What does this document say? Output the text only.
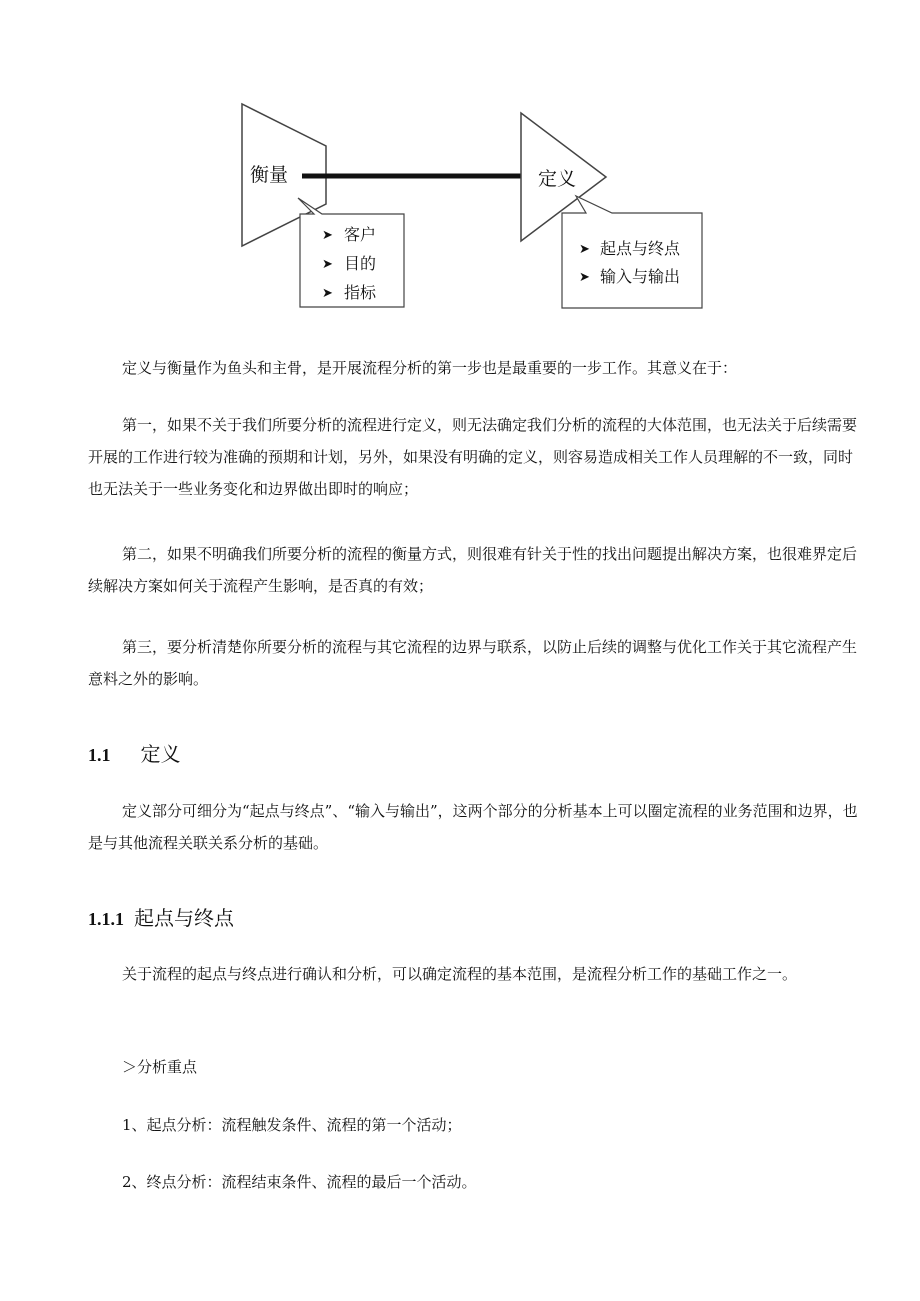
衡量	定义
➤ 客户
➤ 目的
➤ 指标
➤ 起点与终点
➤ 输入与输出

定义与衡量作为鱼头和主骨，是开展流程分析的第一步也是最重要的一步工作。其意义在于：

第一，如果不关于我们所要分析的流程进行定义，则无法确定我们分析的流程的大体范围，也无法关于后续需要开展的工作进行较为准确的预期和计划，另外，如果没有明确的定义，则容易造成相关工作人员理解的不一致，同时也无法关于一些业务变化和边界做出即时的响应；

第二，如果不明确我们所要分析的流程的衡量方式，则很难有针关于性的找出问题提出解决方案，也很难界定后续解决方案如何关于流程产生影响，是否真的有效；

第三，要分析清楚你所要分析的流程与其它流程的边界与联系，以防止后续的调整与优化工作关于其它流程产生意料之外的影响。

1.1 定义

定义部分可细分为“起点与终点”、“输入与输出”，这两个部分的分析基本上可以圈定流程的业务范围和边界，也是与其他流程关联关系分析的基础。

1.1.1 起点与终点

关于流程的起点与终点进行确认和分析，可以确定流程的基本范围，是流程分析工作的基础工作之一。

＞分析重点

1、起点分析：流程触发条件、流程的第一个活动；

2、终点分析：流程结束条件、流程的最后一个活动。
